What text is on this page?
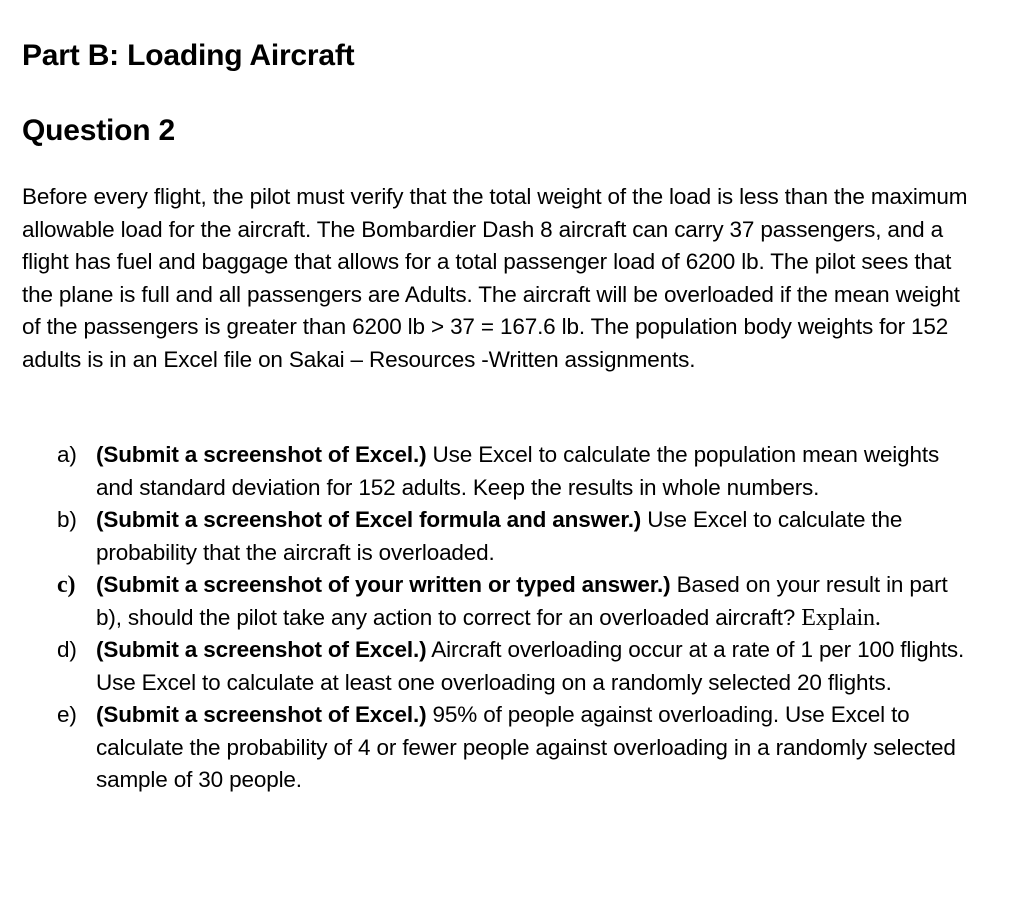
Part B: Loading Aircraft
Question 2

Before every flight, the pilot must verify that the total weight of the load is less than the maximum allowable load for the aircraft. The Bombardier Dash 8 aircraft can carry 37 passengers, and a flight has fuel and baggage that allows for a total passenger load of 6200 lb. The pilot sees that the plane is full and all passengers are Adults. The aircraft will be overloaded if the mean weight of the passengers is greater than 6200 lb > 37 = 167.6 lb. The population body weights for 152 adults is in an Excel file on Sakai – Resources -Written assignments.

a) (Submit a screenshot of Excel.) Use Excel to calculate the population mean weights and standard deviation for 152 adults. Keep the results in whole numbers.
b) (Submit a screenshot of Excel formula and answer.) Use Excel to calculate the probability that the aircraft is overloaded.
c) (Submit a screenshot of your written or typed answer.) Based on your result in part b), should the pilot take any action to correct for an overloaded aircraft? Explain.
d) (Submit a screenshot of Excel.) Aircraft overloading occur at a rate of 1 per 100 flights. Use Excel to calculate at least one overloading on a randomly selected 20 flights.
e) (Submit a screenshot of Excel.) 95% of people against overloading. Use Excel to calculate the probability of 4 or fewer people against overloading in a randomly selected sample of 30 people.
